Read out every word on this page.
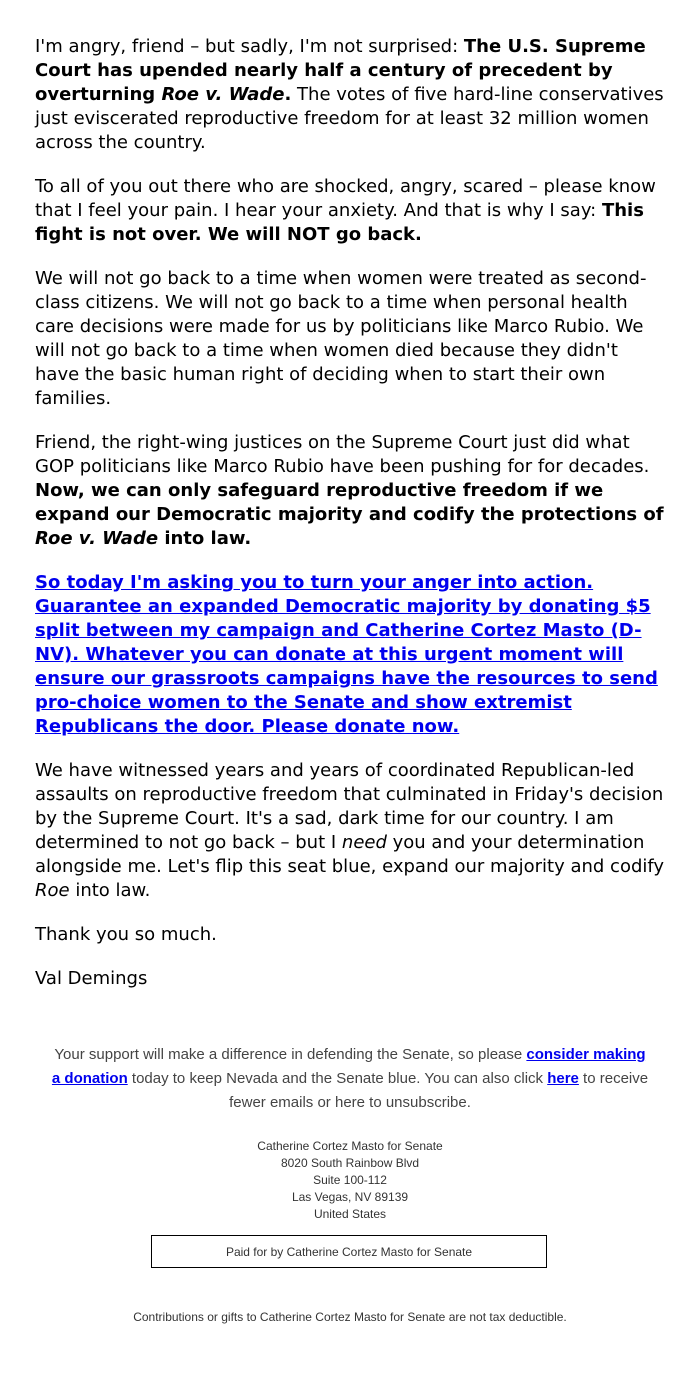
I'm angry, friend – but sadly, I'm not surprised: The U.S. Supreme Court has upended nearly half a century of precedent by overturning Roe v. Wade. The votes of five hard-line conservatives just eviscerated reproductive freedom for at least 32 million women across the country.

To all of you out there who are shocked, angry, scared – please know that I feel your pain. I hear your anxiety. And that is why I say: This fight is not over. We will NOT go back.

We will not go back to a time when women were treated as second-class citizens. We will not go back to a time when personal health care decisions were made for us by politicians like Marco Rubio. We will not go back to a time when women died because they didn't have the basic human right of deciding when to start their own families.

Friend, the right-wing justices on the Supreme Court just did what GOP politicians like Marco Rubio have been pushing for for decades. Now, we can only safeguard reproductive freedom if we expand our Democratic majority and codify the protections of Roe v. Wade into law.

So today I'm asking you to turn your anger into action. Guarantee an expanded Democratic majority by donating $5 split between my campaign and Catherine Cortez Masto (D-NV). Whatever you can donate at this urgent moment will ensure our grassroots campaigns have the resources to send pro-choice women to the Senate and show extremist Republicans the door. Please donate now.

We have witnessed years and years of coordinated Republican-led assaults on reproductive freedom that culminated in Friday's decision by the Supreme Court. It's a sad, dark time for our country. I am determined to not go back – but I need you and your determination alongside me. Let's flip this seat blue, expand our majority and codify Roe into law.

Thank you so much.

Val Demings

Your support will make a difference in defending the Senate, so please consider making a donation today to keep Nevada and the Senate blue. You can also click here to receive fewer emails or here to unsubscribe.
Catherine Cortez Masto for Senate
8020 South Rainbow Blvd
Suite 100-112
Las Vegas, NV 89139
United States
Paid for by Catherine Cortez Masto for Senate
Contributions or gifts to Catherine Cortez Masto for Senate are not tax deductible.
